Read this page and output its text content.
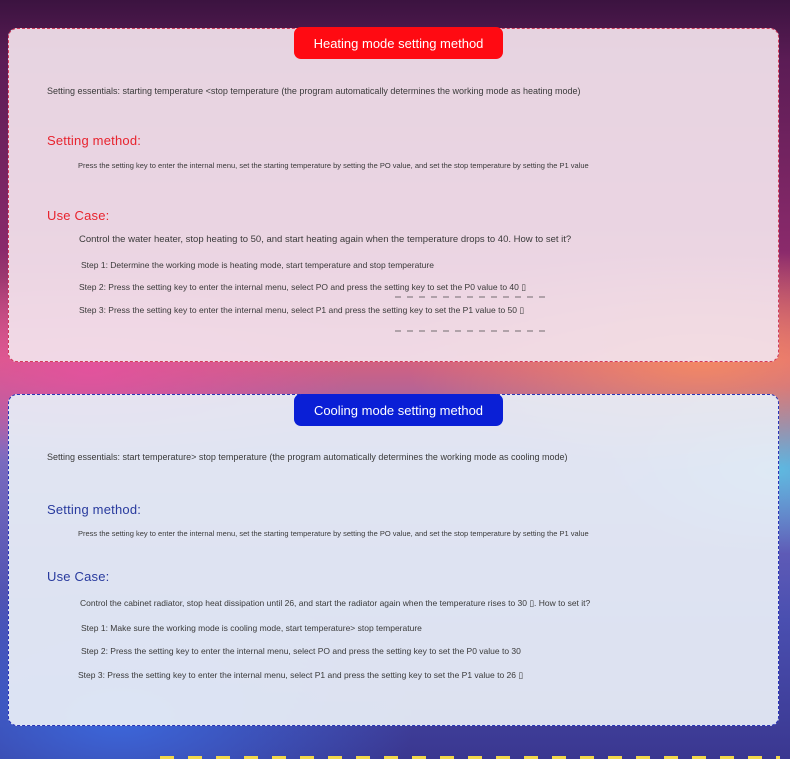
Heating mode setting method
Setting essentials: starting temperature <stop temperature (the program automatically determines the working mode as heating mode)
Setting method:
Press the setting key to enter the internal menu, set the starting temperature by setting the PO value, and set the stop temperature by setting the P1 value
Use Case:
Control the water heater, stop heating to 50, and start heating again when the temperature drops to 40. How to set it?
Step 1: Determine the working mode is heating mode, start temperature and stop temperature
Step 2: Press the setting key to enter the internal menu, select PO and press the setting key to set the P0 value to 40 ▯
Step 3: Press the setting key to enter the internal menu, select P1 and press the setting key to set the P1 value to 50 ▯
Cooling mode setting method
Setting essentials: start temperature> stop temperature (the program automatically determines the working mode as cooling mode)
Setting method:
Press the setting key to enter the internal menu, set the starting temperature by setting the PO value, and set the stop temperature by setting the P1 value
Use Case:
Control the cabinet radiator, stop heat dissipation until 26, and start the radiator again when the temperature rises to 30 ▯. How to set it?
Step 1: Make sure the working mode is cooling mode, start temperature> stop temperature
Step 2: Press the setting key to enter the internal menu, select PO and press the setting key to set the P0 value to 30
Step 3: Press the setting key to enter the internal menu, select P1 and press the setting key to set the P1 value to 26 ▯
